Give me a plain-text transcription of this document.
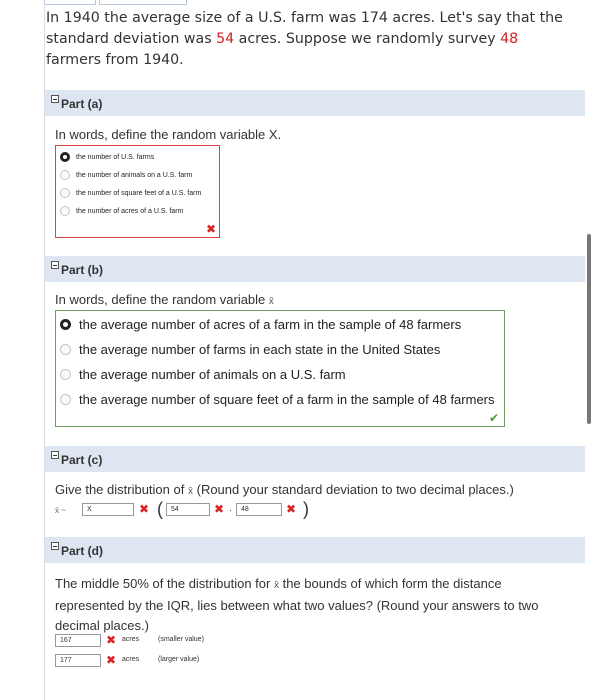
In 1940 the average size of a U.S. farm was 174 acres. Let's say that the standard deviation was 54 acres. Suppose we randomly survey 48 farmers from 1940.
Part (a)
In words, define the random variable X.
the number of U.S. farms
the number of animals on a U.S. farm
the number of square feet of a U.S. farm
the number of acres of a U.S. farm
✖
Part (b)
In words, define the random variable x̄
the average number of acres of a farm in the sample of 48 farmers
the average number of farms in each state in the United States
the average number of animals on a U.S. farm
the average number of square feet of a farm in the sample of 48 farmers
✔
Part (c)
Give the distribution of x̄ (Round your standard deviation to two decimal places.)
x̄ ~	X	✖ (	54	✖ ·	48	✖ )
Part (d)
The middle 50% of the distribution for x̄ the bounds of which form the distance represented by the IQR, lies between what two values? (Round your answers to two decimal places.)
167	✖ acres	(smaller value)
177	✖ acres	(larger value)
